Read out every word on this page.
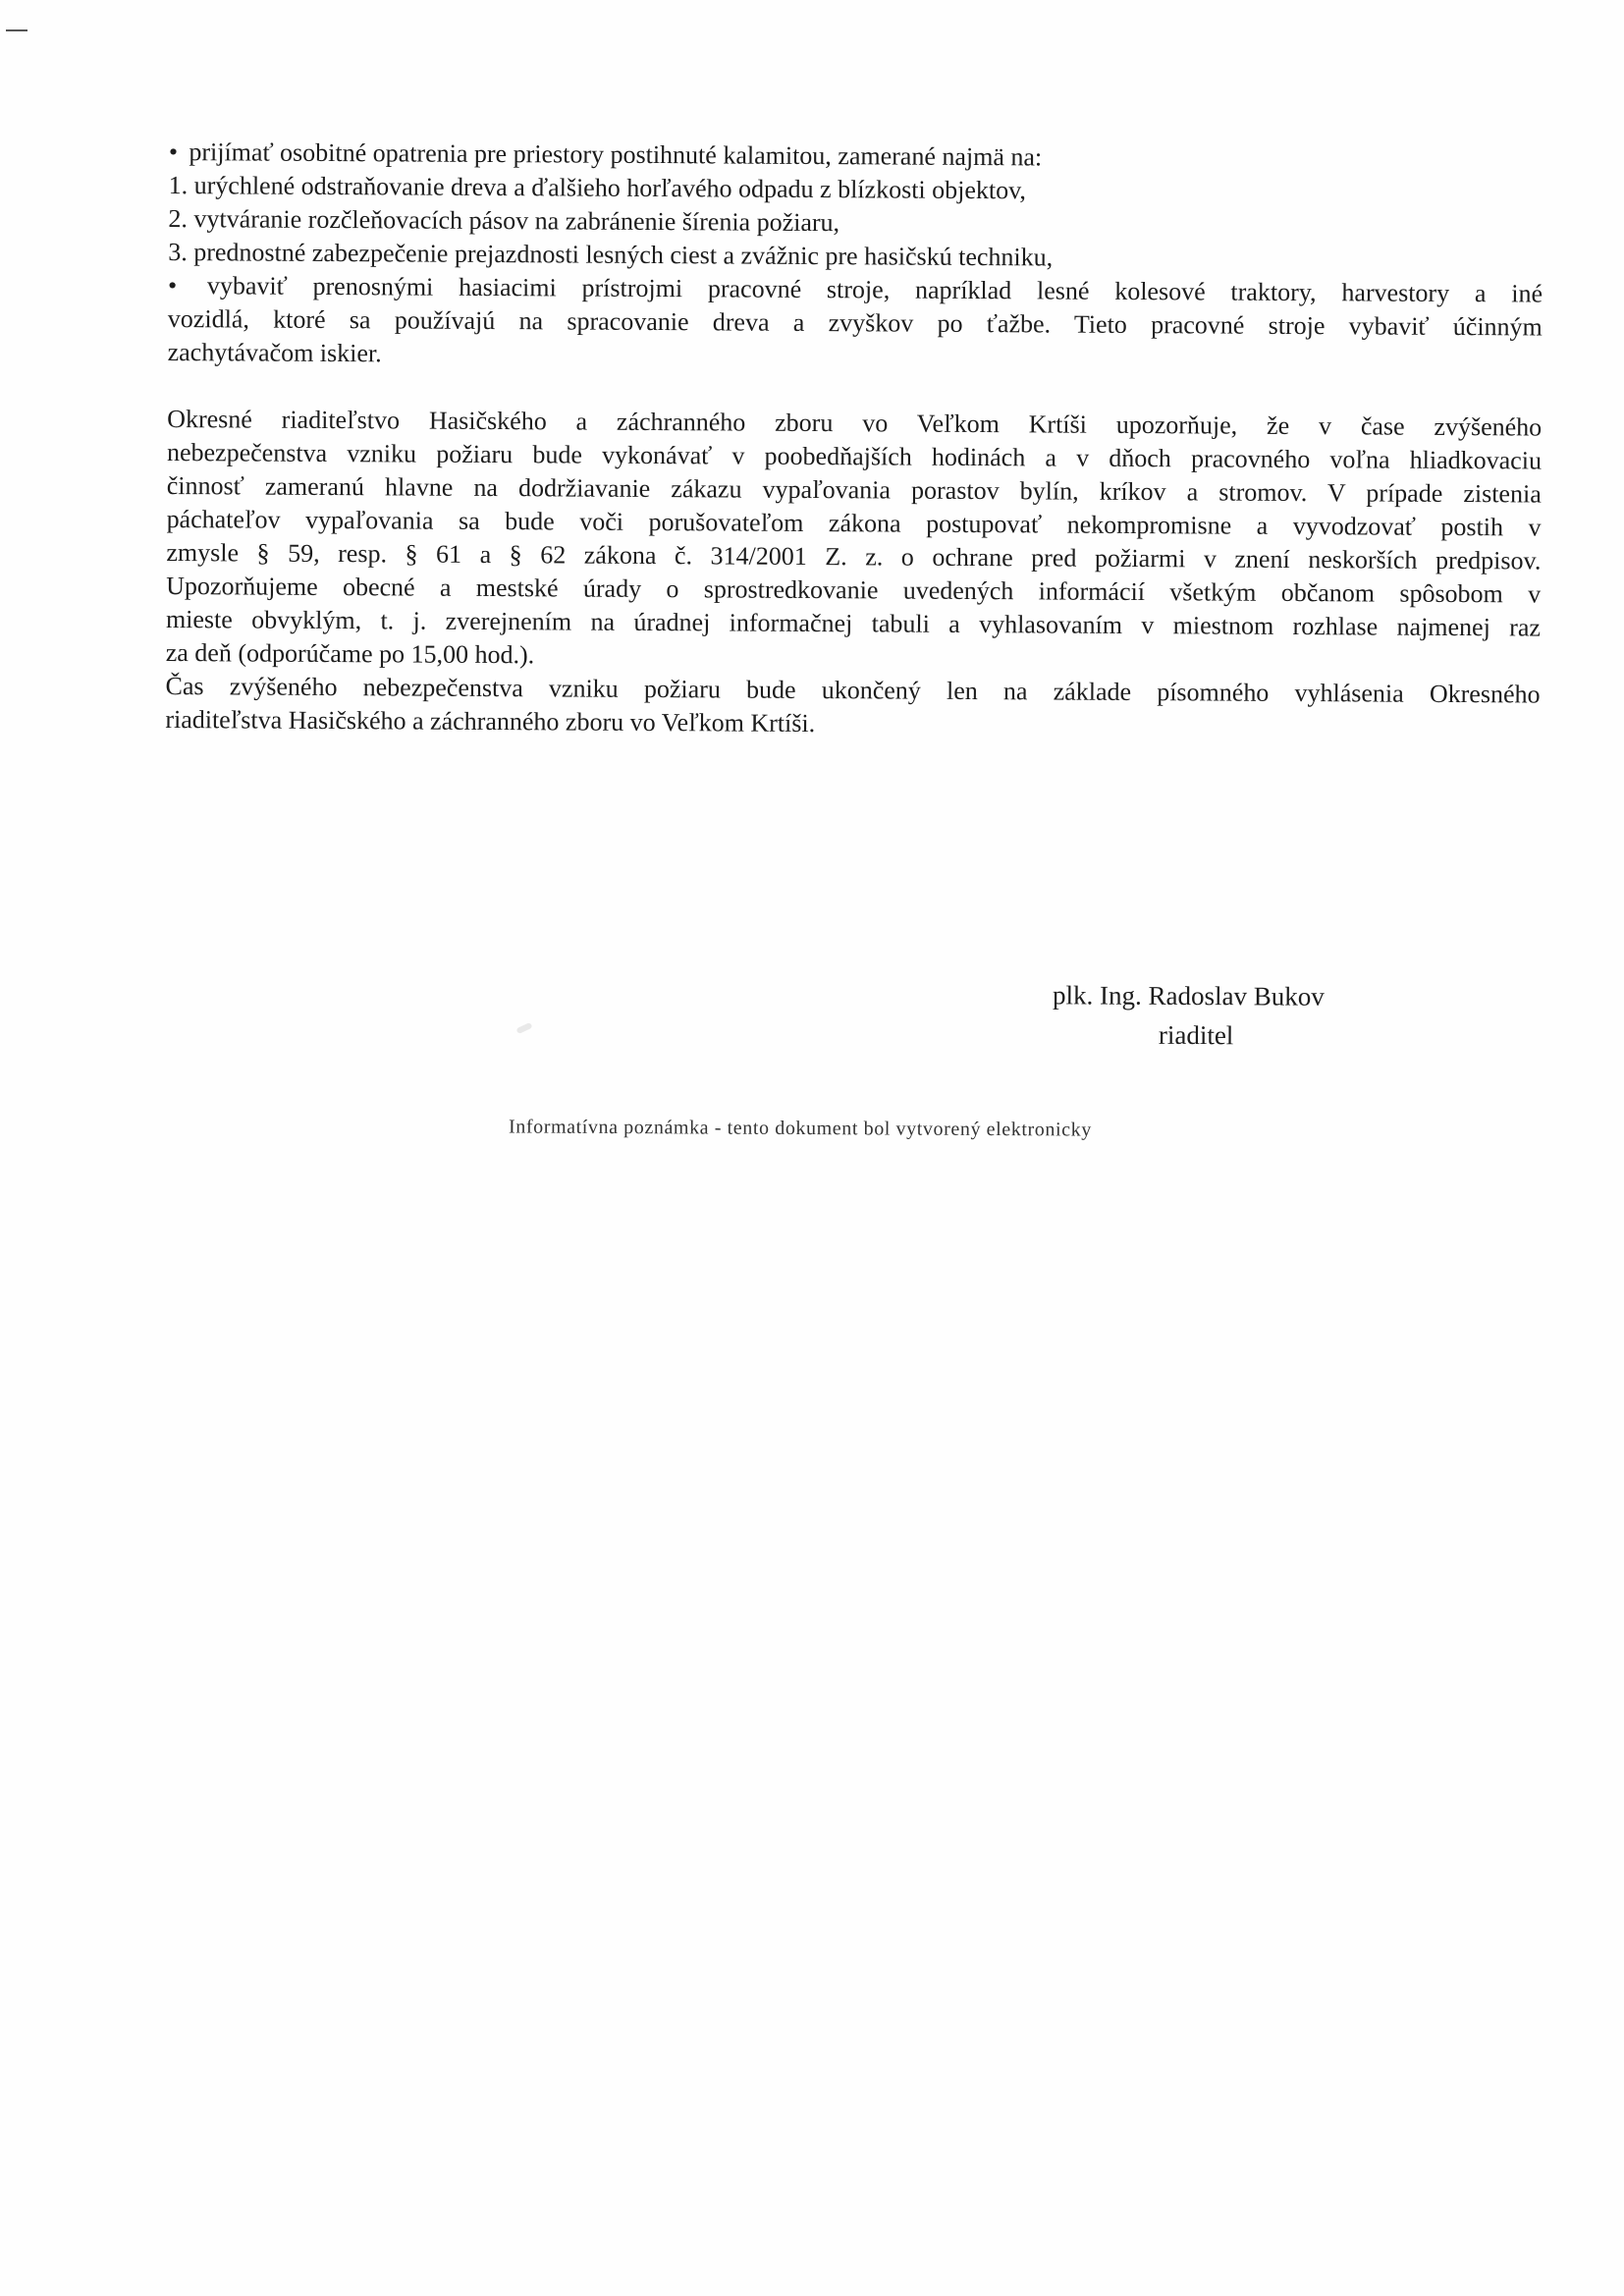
• prijímať osobitné opatrenia pre priestory postihnuté kalamitou, zamerané najmä na:
1. urýchlené odstraňovanie dreva a ďalšieho horľavého odpadu z blízkosti objektov,
2. vytváranie rozčleňovacích pásov na zabránenie šírenia požiaru,
3. prednostné zabezpečenie prejazdnosti lesných ciest a zvážnic pre hasičskú techniku,
• vybaviť prenosnými hasiacimi prístrojmi pracovné stroje, napríklad lesné kolesové traktory, harvestory a iné
vozidlá, ktoré sa používajú na spracovanie dreva a zvyškov po ťažbe. Tieto pracovné stroje vybaviť účinným
zachytávačom iskier.
Okresné riaditeľstvo Hasičského a záchranného zboru vo Veľkom Krtíši upozorňuje, že v čase zvýšeného
nebezpečenstva vzniku požiaru bude vykonávať v poobedňajších hodinách a v dňoch pracovného voľna hliadkovaciu
činnosť zameranú hlavne na dodržiavanie zákazu vypaľovania porastov bylín, kríkov a stromov. V prípade zistenia
páchateľov vypaľovania sa bude voči porušovateľom zákona postupovať nekompromisne a vyvodzovať postih v
zmysle § 59, resp. § 61 a § 62 zákona č. 314/2001 Z. z. o ochrane pred požiarmi v znení neskorších predpisov.
Upozorňujeme obecné a mestské úrady o sprostredkovanie uvedených informácií všetkým občanom spôsobom v
mieste obvyklým, t. j. zverejnením na úradnej informačnej tabuli a vyhlasovaním v miestnom rozhlase najmenej raz
za deň (odporúčame po 15,00 hod.).
Čas zvýšeného nebezpečenstva vzniku požiaru bude ukončený len na základe písomného vyhlásenia Okresného
riaditeľstva Hasičského a záchranného zboru vo Veľkom Krtíši.
plk. Ing. Radoslav Bukov
riaditel
Informatívna poznámka - tento dokument bol vytvorený elektronicky
